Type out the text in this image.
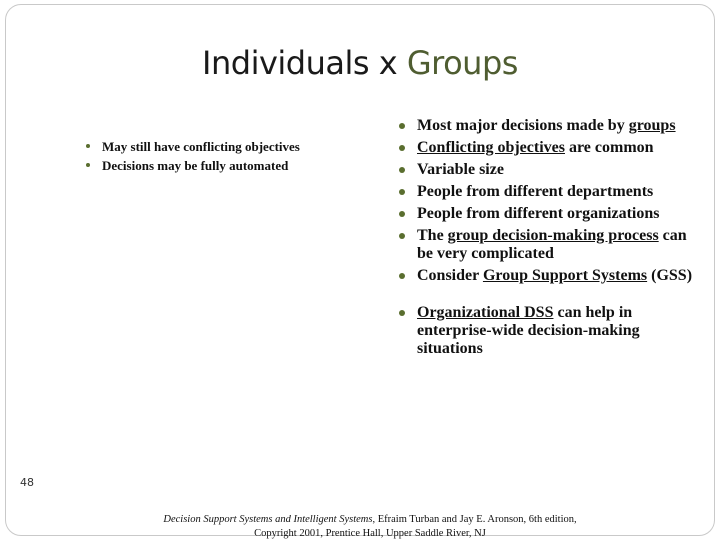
Individuals x Groups
May still have conflicting objectives
Decisions may be fully automated
Most major decisions made by groups
Conflicting objectives are common
Variable size
People from different departments
People from different organizations
The group decision-making process can be very complicated
Consider Group Support Systems (GSS)
Organizational DSS can help in enterprise-wide decision-making situations
48
Decision Support Systems and Intelligent Systems, Efraim Turban and Jay E. Aronson, 6th edition,
Copyright 2001, Prentice Hall, Upper Saddle River, NJ
